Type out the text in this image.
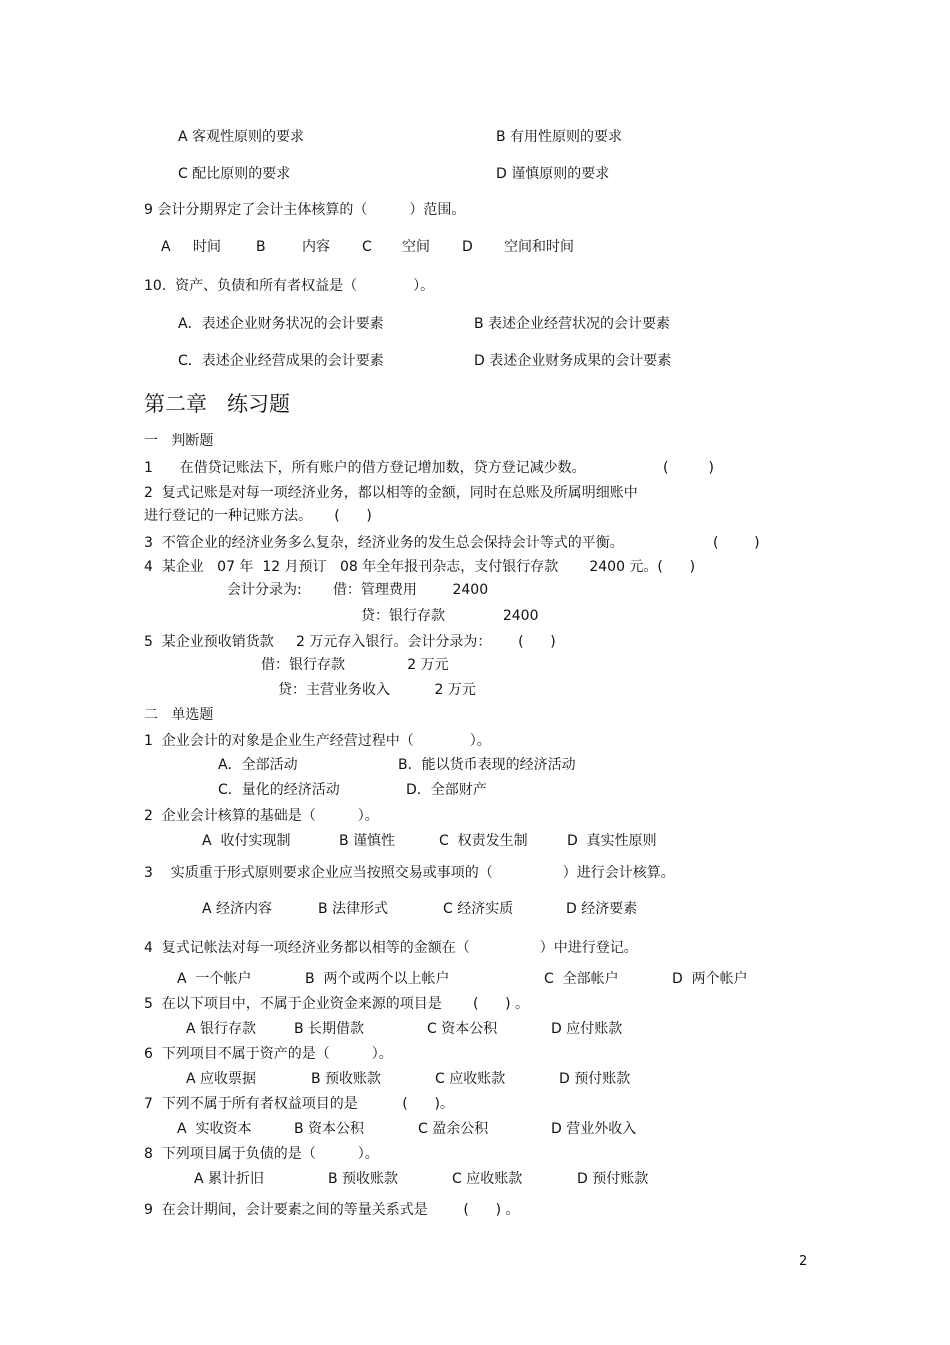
A 客观性原则的要求	B 有用性原则的要求
C 配比原则的要求	D 谨慎原则的要求
9 会计分期界定了会计主体核算的（　　　）范围。
A 时间	B	内容 C 空间 D 空间和时间
10.  资产、负债和所有者权益是（　　　　）。
A．表述企业财务状况的会计要素	B 表述企业经营状况的会计要素
C．表述企业经营成果的会计要素	D 表述企业财务成果的会计要素
第二章   练习题
一   判断题
1      在借贷记账法下，所有账户的借方登记增加数，贷方登记减少数。	(         )
2  复式记账是对每一项经济业务，都以相等的金额，同时在总账及所属明细账中
进行登记的一种记账方法。     (      )
3  不管企业的经济业务多么复杂，经济业务的发生总会保持会计等式的平衡。	(        )
4  某企业   07 年  12 月预订   08 年全年报刊杂志，支付银行存款       2400 元。(      )
会计分录为:       借：管理费用        2400
贷：银行存款             2400
5  某企业预收销货款     2 万元存入银行。会计分录为：      (      )
借：银行存款              2 万元
贷：主营业务收入          2 万元
二   单选题
1  企业会计的对象是企业生产经营过程中（　　　　）。
A．全部活动	B．能以货币表现的经济活动
C．量化的经济活动	D．全部财产
2  企业会计核算的基础是（　　　）。
A  收付实现制	B 谨慎性	C  权责发生制	D  真实性原则
3    实质重于形式原则要求企业应当按照交易或事项的（　　　　　）进行会计核算。
A 经济内容	B 法律形式	C 经济实质	D 经济要素
4  复式记帐法对每一项经济业务都以相等的金额在（　　　　　）中进行登记。
A  一个帐户	B  两个或两个以上帐户	C  全部帐户	D  两个帐户
5  在以下项目中，不属于企业资金来源的项目是       (      ) 。
A 银行存款	B 长期借款	C 资本公积	D 应付账款
6  下列项目不属于资产的是（　　　）。
A 应收票据	B 预收账款	C 应收账款	D 预付账款
7  下列不属于所有者权益项目的是          (      )。
A  实收资本	B 资本公积	C 盈余公积	D 营业外收入
8  下列项目属于负债的是（　　　）。
A 累计折旧	B 预收账款	C 应收账款	D 预付账款
9  在会计期间，会计要素之间的等量关系式是        (      ) 。
2
